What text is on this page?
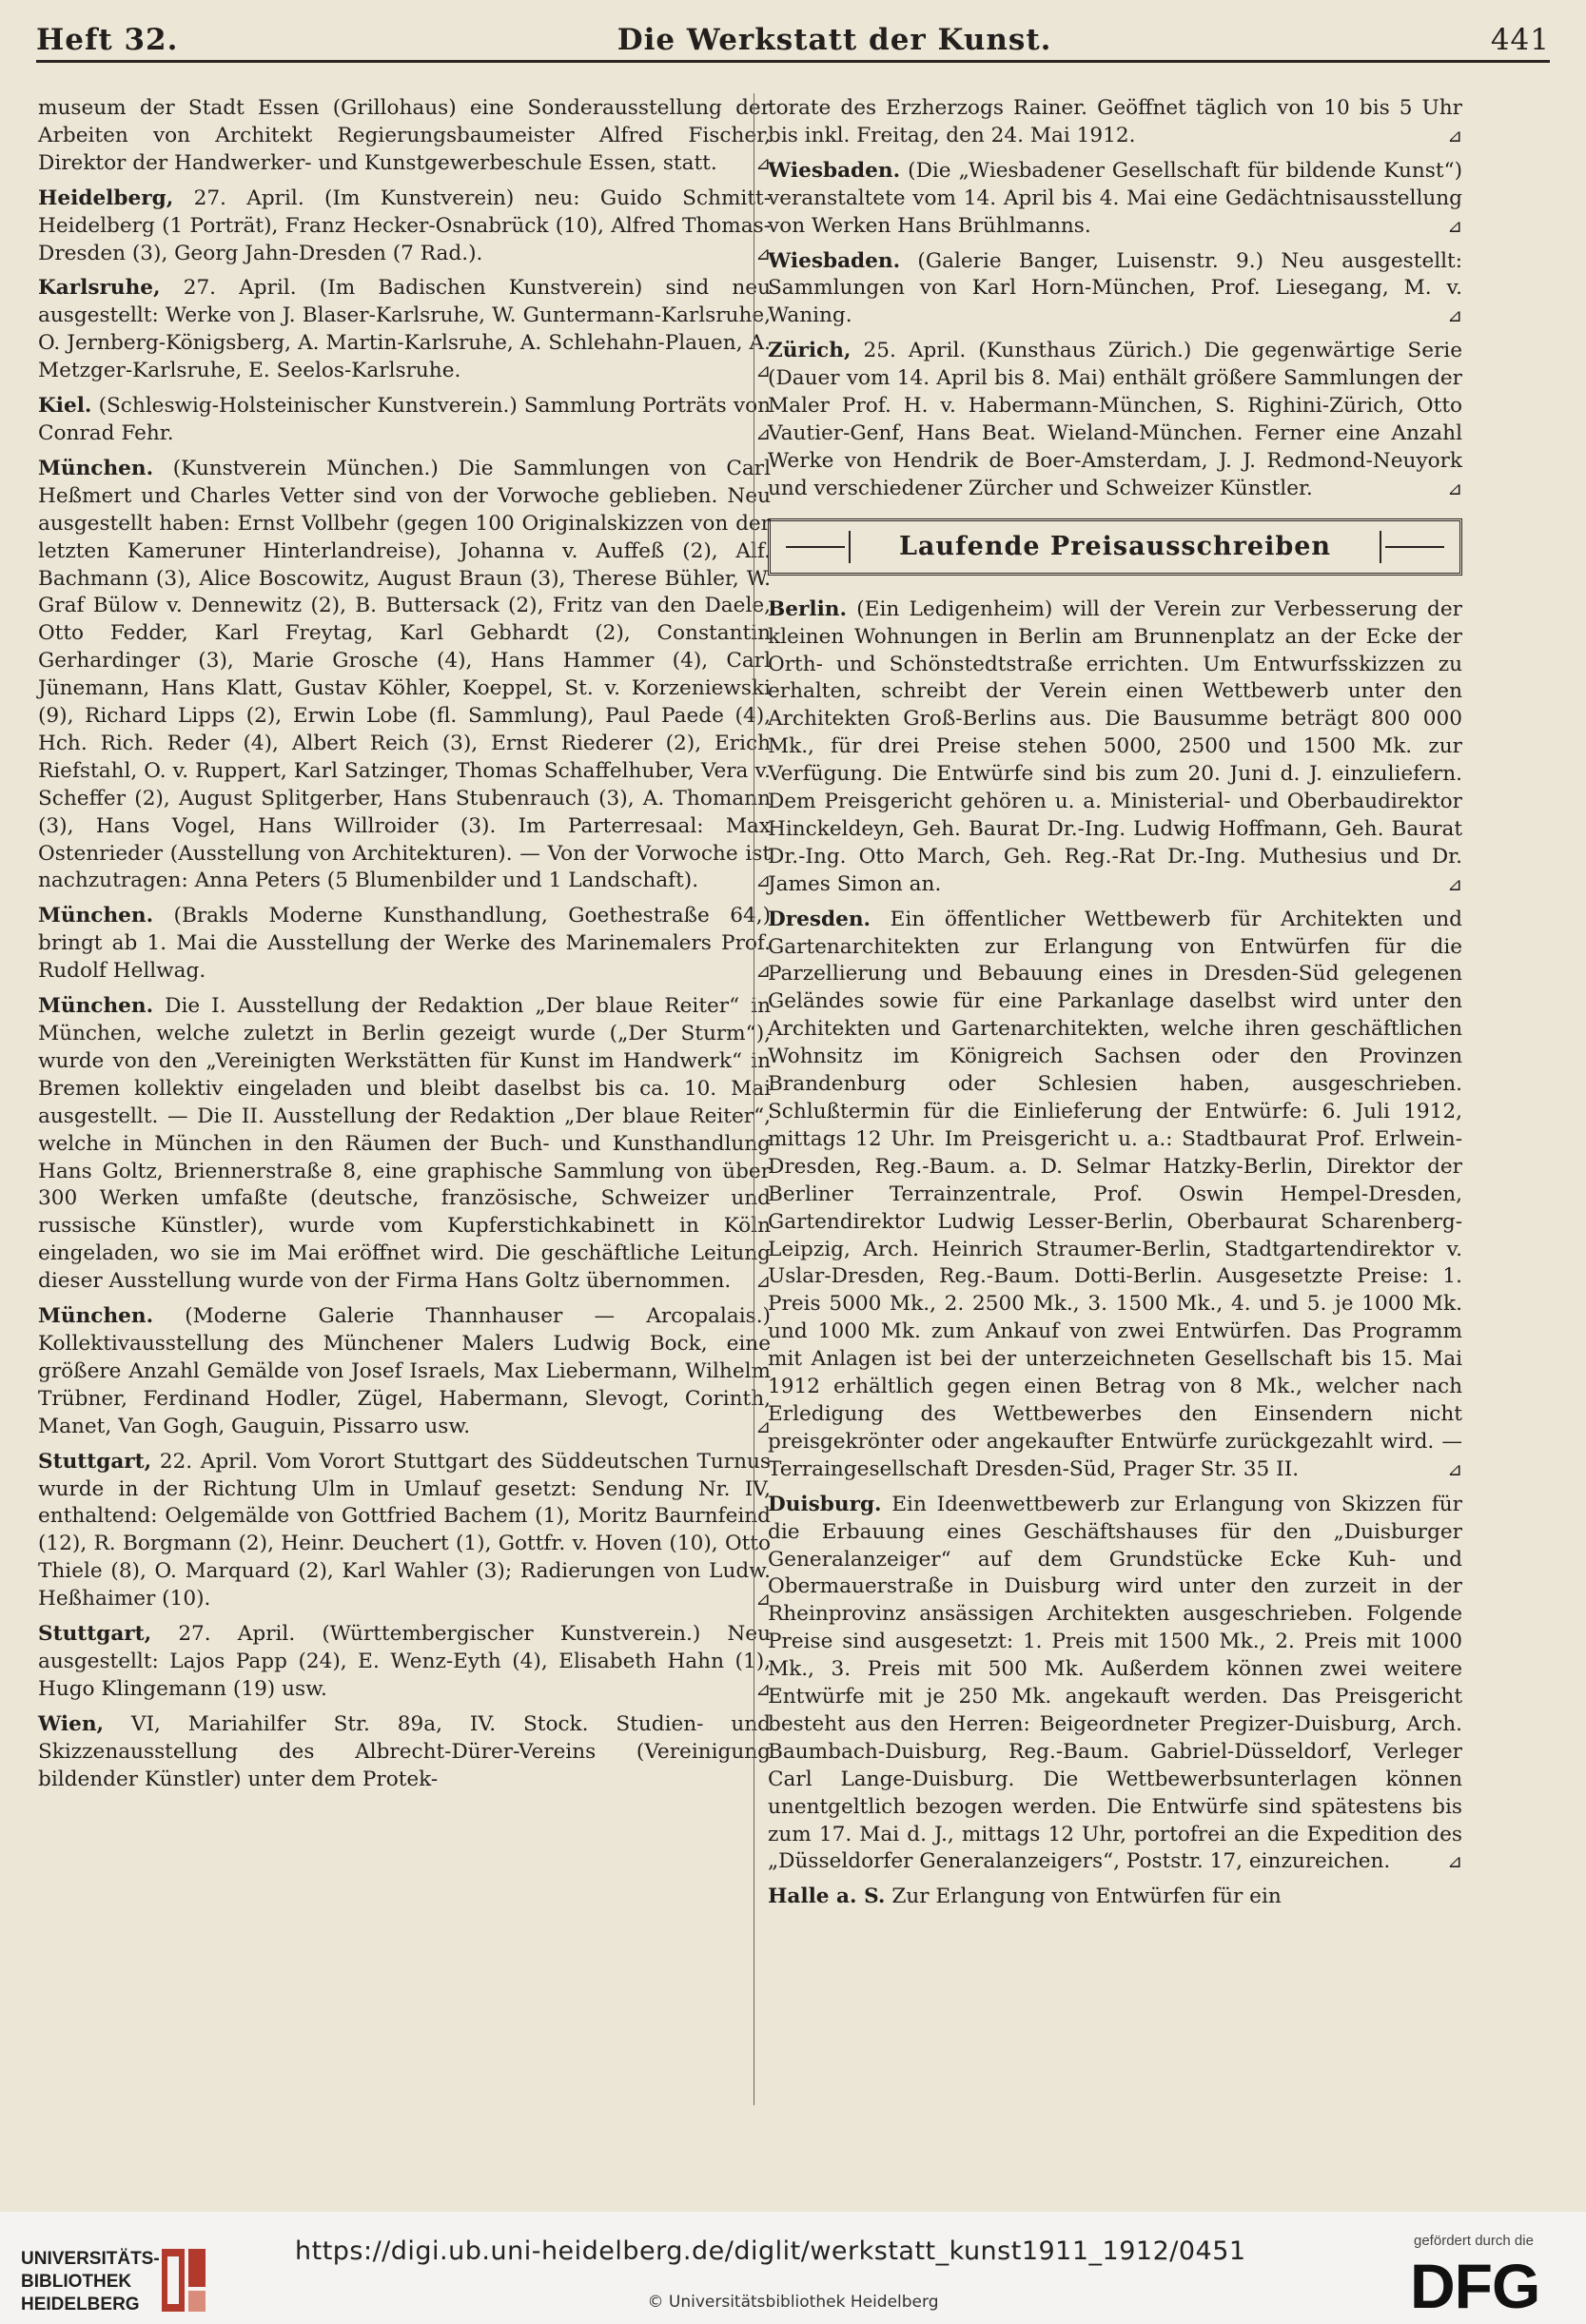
Heft 32.	Die Werkstatt der Kunst.	441

museum der Stadt Essen (Grillohaus) eine Sonderausstellung der Arbeiten von Architekt Regierungsbaumeister Alfred Fischer, Direktor der Handwerker- und Kunstgewerbeschule Essen, statt. ⊿

Heidelberg, 27. April. (Im Kunstverein) neu: Guido Schmitt-Heidelberg (1 Porträt), Franz Hecker-Osnabrück (10), Alfred Thomas-Dresden (3), Georg Jahn-Dresden (7 Rad.).	⊿

Karlsruhe, 27. April. (Im Badischen Kunstverein) sind neu ausgestellt: Werke von J. Blaser-Karlsruhe, W. Guntermann-Karlsruhe, O. Jernberg-Königsberg, A. Martin-Karlsruhe, A. Schlehahn-Plauen, A. Metzger-Karlsruhe, E. Seelos-Karlsruhe.	⊿

Kiel. (Schleswig-Holsteinischer Kunstverein.) Sammlung Porträts von Conrad Fehr.	⊿

München. (Kunstverein München.) Die Sammlungen von Carl Heßmert und Charles Vetter sind von der Vorwoche geblieben. Neu ausgestellt haben: Ernst Vollbehr (gegen 100 Originalskizzen von der letzten Kameruner Hinterlandreise), Johanna v. Auffeß (2), Alf. Bachmann (3), Alice Boscowitz, August Braun (3), Therese Bühler, W. Graf Bülow v. Dennewitz (2), B. Buttersack (2), Fritz van den Daele, Otto Fedder, Karl Freytag, Karl Gebhardt (2), Constantin Gerhardinger (3), Marie Grosche (4), Hans Hammer (4), Carl Jünemann, Hans Klatt, Gustav Köhler, Koeppel, St. v. Korzeniewski (9), Richard Lipps (2), Erwin Lobe (fl. Sammlung), Paul Paede (4), Hch. Rich. Reder (4), Albert Reich (3), Ernst Riederer (2), Erich Riefstahl, O. v. Ruppert, Karl Satzinger, Thomas Schaffelhuber, Vera v. Scheffer (2), August Splitgerber, Hans Stubenrauch (3), A. Thomann (3), Hans Vogel, Hans Willroider (3). Im Parterresaal: Max Ostenrieder (Ausstellung von Architekturen). — Von der Vorwoche ist nachzutragen: Anna Peters (5 Blumenbilder und 1 Landschaft).	⊿

München. (Brakls Moderne Kunsthandlung, Goethestraße 64,) bringt ab 1. Mai die Ausstellung der Werke des Marinemalers Prof. Rudolf Hellwag.	⊿

München. Die I. Ausstellung der Redaktion „Der blaue Reiter“ in München, welche zuletzt in Berlin gezeigt wurde („Der Sturm“), wurde von den „Vereinigten Werkstätten für Kunst im Handwerk“ in Bremen kollektiv eingeladen und bleibt daselbst bis ca. 10. Mai ausgestellt. — Die II. Ausstellung der Redaktion „Der blaue Reiter“, welche in München in den Räumen der Buch- und Kunsthandlung Hans Goltz, Briennerstraße 8, eine graphische Sammlung von über 300 Werken umfaßte (deutsche, französische, Schweizer und russische Künstler), wurde vom Kupferstichkabinett in Köln eingeladen, wo sie im Mai eröffnet wird. Die geschäftliche Leitung dieser Ausstellung wurde von der Firma Hans Goltz übernommen. ⊿

München. (Moderne Galerie Thannhauser — Arcopalais.) Kollektivausstellung des Münchener Malers Ludwig Bock, eine größere Anzahl Gemälde von Josef Israels, Max Liebermann, Wilhelm Trübner, Ferdinand Hodler, Zügel, Habermann, Slevogt, Corinth, Manet, Van Gogh, Gauguin, Pissarro usw.	⊿

Stuttgart, 22. April. Vom Vorort Stuttgart des Süddeutschen Turnus wurde in der Richtung Ulm in Umlauf gesetzt: Sendung Nr. IV, enthaltend: Oelgemälde von Gottfried Bachem (1), Moritz Baurnfeind (12), R. Borgmann (2), Heinr. Deuchert (1), Gottfr. v. Hoven (10), Otto Thiele (8), O. Marquard (2), Karl Wahler (3); Radierungen von Ludw. Heßhaimer (10).	⊿

Stuttgart, 27. April. (Württembergischer Kunstverein.) Neu ausgestellt: Lajos Papp (24), E. Wenz-Eyth (4), Elisabeth Hahn (1), Hugo Klingemann (19) usw.	⊿

Wien, VI, Mariahilfer Str. 89a, IV. Stock. Studien- und Skizzenausstellung des Albrecht-Dürer-Vereins (Vereinigung bildender Künstler) unter dem Protek-

torate des Erzherzogs Rainer. Geöffnet täglich von 10 bis 5 Uhr bis inkl. Freitag, den 24. Mai 1912.	⊿

Wiesbaden. (Die „Wiesbadener Gesellschaft für bildende Kunst“) veranstaltete vom 14. April bis 4. Mai eine Gedächtnisausstellung von Werken Hans Brühlmanns.	⊿

Wiesbaden. (Galerie Banger, Luisenstr. 9.) Neu ausgestellt: Sammlungen von Karl Horn-München, Prof. Liesegang, M. v. Waning.	⊿

Zürich, 25. April. (Kunsthaus Zürich.) Die gegenwärtige Serie (Dauer vom 14. April bis 8. Mai) enthält größere Sammlungen der Maler Prof. H. v. Habermann-München, S. Righini-Zürich, Otto Vautier-Genf, Hans Beat. Wieland-München. Ferner eine Anzahl Werke von Hendrik de Boer-Amsterdam, J. J. Redmond-Neuyork und verschiedener Zürcher und Schweizer Künstler.	⊿

Laufende Preisausschreiben

Berlin. (Ein Ledigenheim) will der Verein zur Verbesserung der kleinen Wohnungen in Berlin am Brunnenplatz an der Ecke der Orth- und Schönstedtstraße errichten. Um Entwurfsskizzen zu erhalten, schreibt der Verein einen Wettbewerb unter den Architekten Groß-Berlins aus. Die Bausumme beträgt 800 000 Mk., für drei Preise stehen 5000, 2500 und 1500 Mk. zur Verfügung. Die Entwürfe sind bis zum 20. Juni d. J. einzuliefern. Dem Preisgericht gehören u. a. Ministerial- und Oberbaudirektor Hinckeldeyn, Geh. Baurat Dr.-Ing. Ludwig Hoffmann, Geh. Baurat Dr.-Ing. Otto March, Geh. Reg.-Rat Dr.-Ing. Muthesius und Dr. James Simon an.	⊿

Dresden. Ein öffentlicher Wettbewerb für Architekten und Gartenarchitekten zur Erlangung von Entwürfen für die Parzellierung und Bebauung eines in Dresden-Süd gelegenen Geländes sowie für eine Parkanlage daselbst wird unter den Architekten und Gartenarchitekten, welche ihren geschäftlichen Wohnsitz im Königreich Sachsen oder den Provinzen Brandenburg oder Schlesien haben, ausgeschrieben. Schlußtermin für die Einlieferung der Entwürfe: 6. Juli 1912, mittags 12 Uhr. Im Preisgericht u. a.: Stadtbaurat Prof. Erlwein-Dresden, Reg.-Baum. a. D. Selmar Hatzky-Berlin, Direktor der Berliner Terrainzentrale, Prof. Oswin Hempel-Dresden, Gartendirektor Ludwig Lesser-Berlin, Oberbaurat Scharenberg-Leipzig, Arch. Heinrich Straumer-Berlin, Stadtgartendirektor v. Uslar-Dresden, Reg.-Baum. Dotti-Berlin. Ausgesetzte Preise: 1. Preis 5000 Mk., 2. 2500 Mk., 3. 1500 Mk., 4. und 5. je 1000 Mk. und 1000 Mk. zum Ankauf von zwei Entwürfen. Das Programm mit Anlagen ist bei der unterzeichneten Gesellschaft bis 15. Mai 1912 erhältlich gegen einen Betrag von 8 Mk., welcher nach Erledigung des Wettbewerbes den Einsendern nicht preisgekrönter oder angekaufter Entwürfe zurückgezahlt wird. — Terraingesellschaft Dresden-Süd, Prager Str. 35 II.	⊿

Duisburg. Ein Ideenwettbewerb zur Erlangung von Skizzen für die Erbauung eines Geschäftshauses für den „Duisburger Generalanzeiger“ auf dem Grundstücke Ecke Kuh- und Obermauerstraße in Duisburg wird unter den zurzeit in der Rheinprovinz ansässigen Architekten ausgeschrieben. Folgende Preise sind ausgesetzt: 1. Preis mit 1500 Mk., 2. Preis mit 1000 Mk., 3. Preis mit 500 Mk. Außerdem können zwei weitere Entwürfe mit je 250 Mk. angekauft werden. Das Preisgericht besteht aus den Herren: Beigeordneter Pregizer-Duisburg, Arch. Baumbach-Duisburg, Reg.-Baum. Gabriel-Düsseldorf, Verleger Carl Lange-Duisburg. Die Wettbewerbsunterlagen können unentgeltlich bezogen werden. Die Entwürfe sind spätestens bis zum 17. Mai d. J., mittags 12 Uhr, portofrei an die Expedition des „Düsseldorfer Generalanzeigers“, Poststr. 17, einzureichen.	⊿

Halle a. S. Zur Erlangung von Entwürfen für ein

UNIVERSITÄTS-
BIBLIOTHEK
HEIDELBERG
https://digi.ub.uni-heidelberg.de/diglit/werkstatt_kunst1911_1912/0451
© Universitätsbibliothek Heidelberg
gefördert durch die
DFG
